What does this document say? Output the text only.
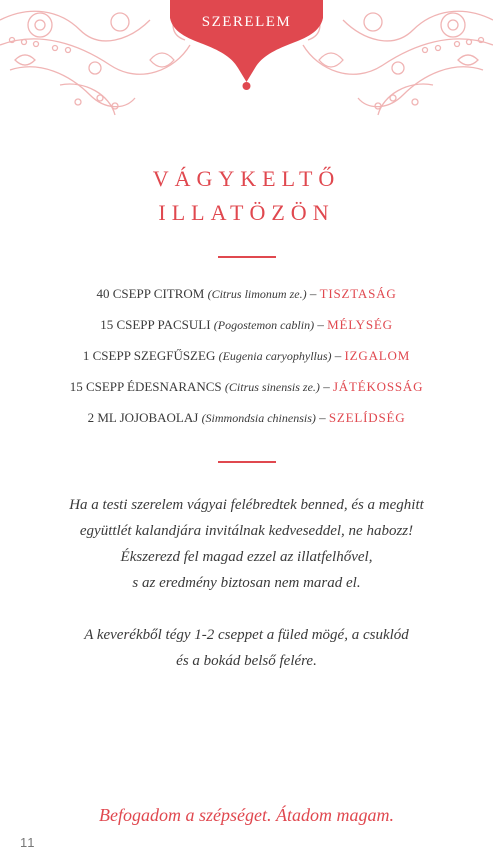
SZERELEM
VÁGYKELTŐ
ILLATÖZÖN
40 CSEPP CITROM (Citrus limonum ze.) – TISZTASÁG
15 CSEPP PACSULI (Pogostemon cablin) – MÉLYSÉG
1 CSEPP SZEGFŰSZEG (Eugenia caryophyllus) – IZGALOM
15 CSEPP ÉDESNARANCS (Citrus sinensis ze.) – JÁTÉKOSSÁG
2 ML JOJOBAOLAJ (Simmondsia chinensis) – SZELÍDSÉG

Ha a testi szerelem vágyai felébredtek benned, és a meghitt
együttlét kalandjára invitálnak kedveseddel, ne habozz!
Ékszerezd fel magad ezzel az illatfelhővel,
s az eredmény biztosan nem marad el.

A keverékből tégy 1-2 cseppet a füled mögé, a csuklód
és a bokád belső felére.

Befogadom a szépséget. Átadom magam.
11
